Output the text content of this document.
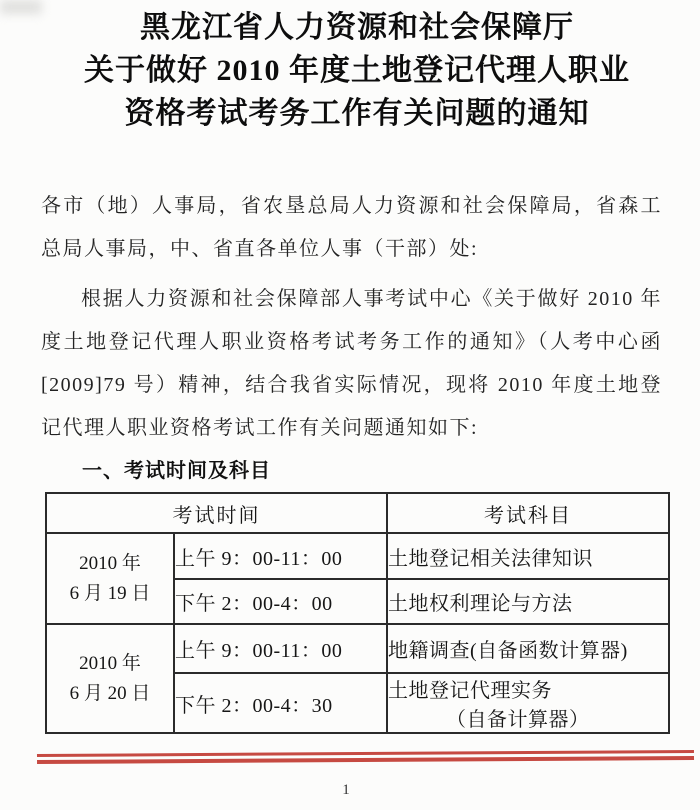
黑龙江省人力资源和社会保障厅
关于做好 2010 年度土地登记代理人职业
资格考试考务工作有关问题的通知
各市（地）人事局，省农垦总局人力资源和社会保障局，省森工总局人事局，中、省直各单位人事（干部）处:
根据人力资源和社会保障部人事考试中心《关于做好 2010 年度土地登记代理人职业资格考试考务工作的通知》（人考中心函[2009]79 号）精神，结合我省实际情况，现将 2010 年度土地登记代理人职业资格考试工作有关问题通知如下:
一、考试时间及科目
考试时间		考试科目

2010 年
6 月 19 日	上午 9：00-11：00	土地登记相关法律知识
	下午 2：00-4：00	土地权利理论与方法

2010 年
6 月 20 日	上午 9：00-11：00	地籍调查(自备函数计算器)
	下午 2：00-4：30	土地登记代理实务
（自备计算器）
1
